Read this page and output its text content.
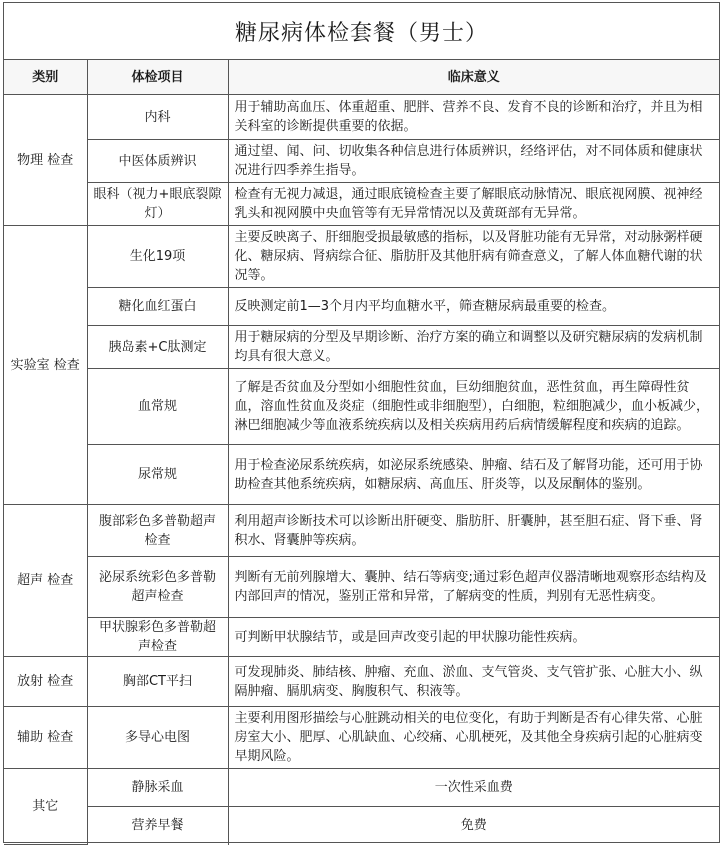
糖尿病体检套餐（男士）
类别	体检项目	临床意义
物理 检查	内科	用于辅助高血压、体重超重、肥胖、营养不良、发育不良的诊断和治疗，并且为相关科室的诊断提供重要的依据。
	中医体质辨识	通过望、闻、问、切收集各种信息进行体质辨识，经络评估，对不同体质和健康状况进行四季养生指导。
	眼科（视力+眼底裂隙灯）	检查有无视力减退，通过眼底镜检查主要了解眼底动脉情况、眼底视网膜、视神经乳头和视网膜中央血管等有无异常情况以及黄斑部有无异常。
实验室 检查	生化19项	主要反映离子、肝细胞受损最敏感的指标，以及肾脏功能有无异常，对动脉粥样硬化、糖尿病、肾病综合征、脂肪肝及其他肝病有筛查意义，了解人体血糖代谢的状况等。
	糖化血红蛋白	反映测定前1—3个月内平均血糖水平，筛查糖尿病最重要的检查。
	胰岛素+C肽测定	用于糖尿病的分型及早期诊断、治疗方案的确立和调整以及研究糖尿病的发病机制均具有很大意义。
	血常规	了解是否贫血及分型如小细胞性贫血，巨幼细胞贫血，恶性贫血，再生障碍性贫血，溶血性贫血及炎症（细胞性或非细胞型），白细胞，粒细胞减少，血小板减少，淋巴细胞减少等血液系统疾病以及相关疾病用药后病情缓解程度和疾病的追踪。
	尿常规	用于检查泌尿系统疾病，如泌尿系统感染、肿瘤、结石及了解肾功能，还可用于协助检查其他系统疾病，如糖尿病、高血压、肝炎等，以及尿酮体的鉴别。
超声 检查	腹部彩色多普勒超声检查	利用超声诊断技术可以诊断出肝硬变、脂肪肝、肝囊肿，甚至胆石症、肾下垂、肾积水、肾囊肿等疾病。
	泌尿系统彩色多普勒超声检查	判断有无前列腺增大、囊肿、结石等病变;通过彩色超声仪器清晰地观察形态结构及内部回声的情况，鉴别正常和异常，了解病变的性质，判别有无恶性病变。
	甲状腺彩色多普勒超声检查	可判断甲状腺结节，或是回声改变引起的甲状腺功能性疾病。
放射 检查	胸部CT平扫	可发现肺炎、肺结核、肿瘤、充血、淤血、支气管炎、支气管扩张、心脏大小、纵隔肿瘤、膈肌病变、胸腹积气、积液等。
辅助 检查	多导心电图	主要利用图形描绘与心脏跳动相关的电位变化，有助于判断是否有心律失常、心脏房室大小、肥厚、心肌缺血、心绞痛、心肌梗死，及其他全身疾病引起的心脏病变早期风险。
其它	静脉采血	一次性采血费
	营养早餐	免费
